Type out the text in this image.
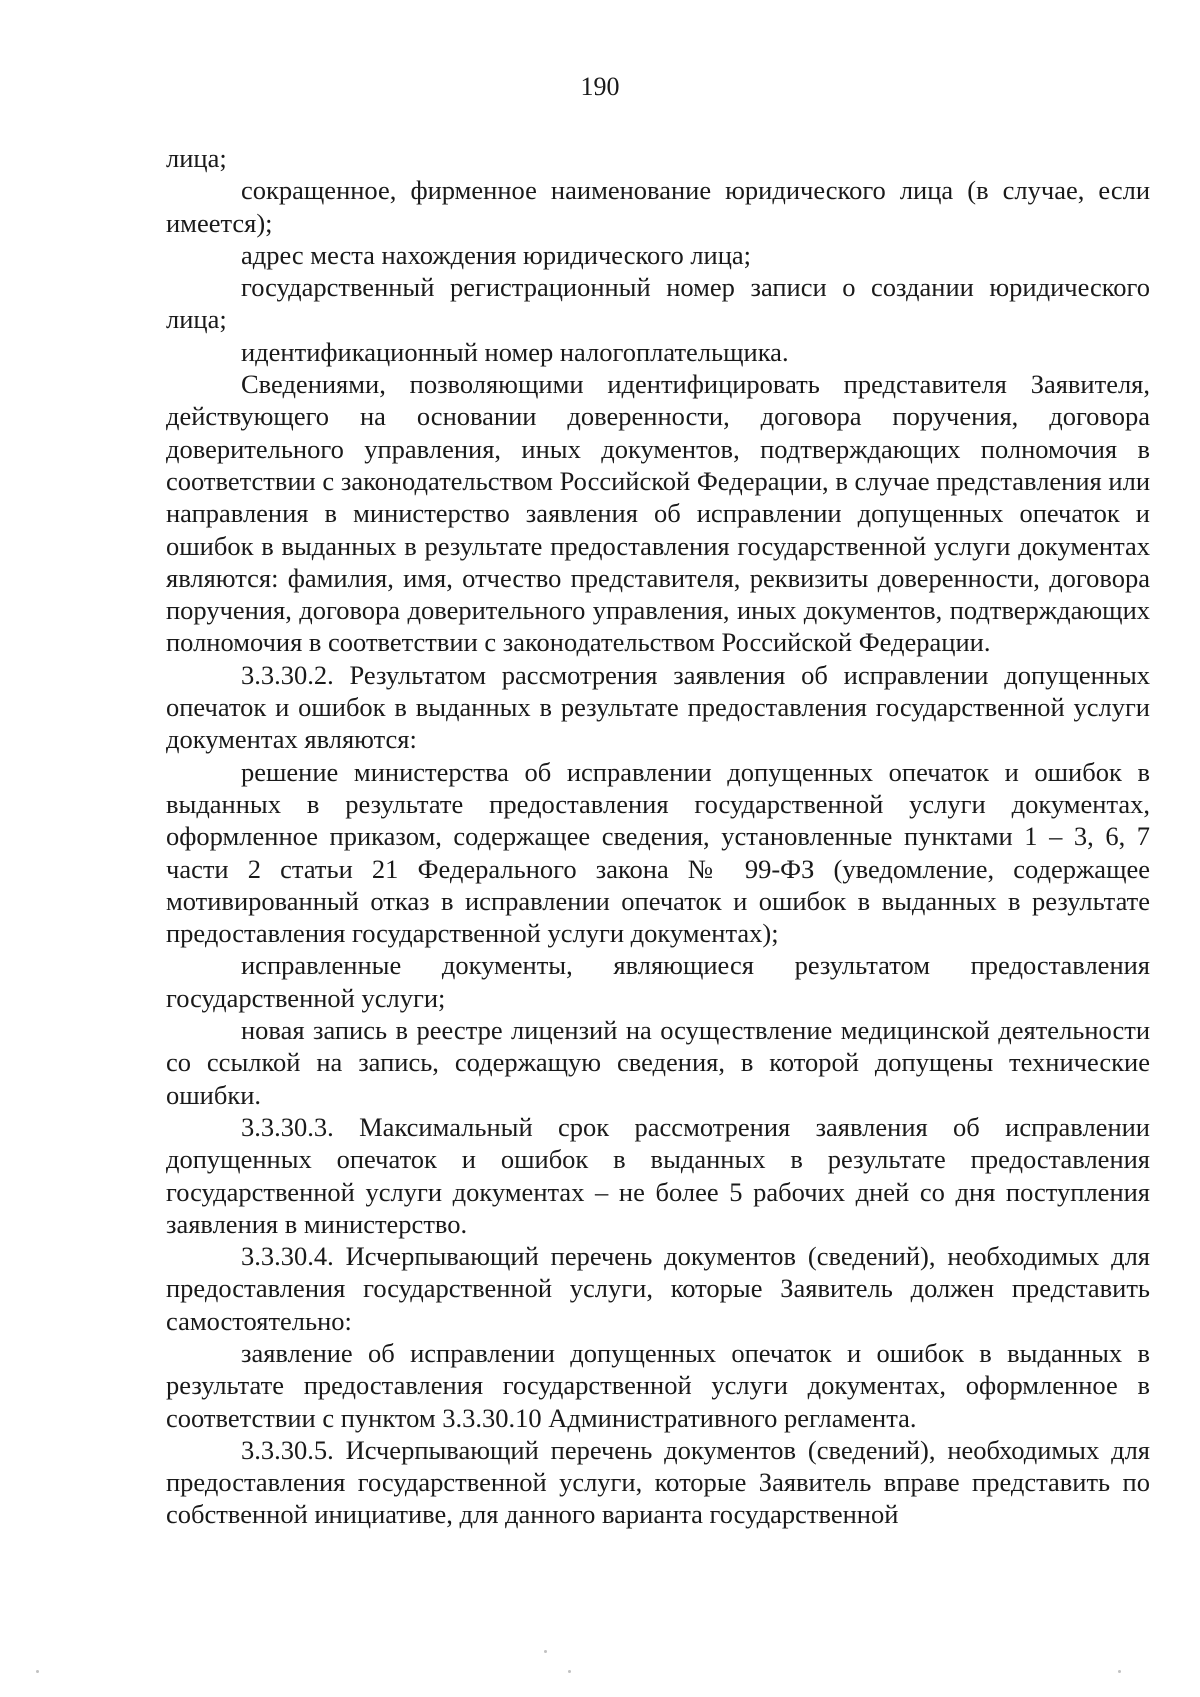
190

лица;

сокращенное, фирменное наименование юридического лица (в случае, если имеется);

адрес места нахождения юридического лица;

государственный регистрационный номер записи о создании юридического лица;

идентификационный номер налогоплательщика.

Сведениями, позволяющими идентифицировать представителя Заявителя, действующего на основании доверенности, договора поручения, договора доверительного управления, иных документов, подтверждающих полномочия в соответствии с законодательством Российской Федерации, в случае представления или направления в министерство заявления об исправлении допущенных опечаток и ошибок в выданных в результате предоставления государственной услуги документах являются: фамилия, имя, отчество представителя, реквизиты доверенности, договора поручения, договора доверительного управления, иных документов, подтверждающих полномочия в соответствии с законодательством Российской Федерации.

3.3.30.2. Результатом рассмотрения заявления об исправлении допущенных опечаток и ошибок в выданных в результате предоставления государственной услуги документах являются:

решение министерства об исправлении допущенных опечаток и ошибок в выданных в результате предоставления государственной услуги документах, оформленное приказом, содержащее сведения, установленные пунктами 1 – 3, 6, 7 части 2 статьи 21 Федерального закона № 99-ФЗ (уведомление, содержащее мотивированный отказ в исправлении опечаток и ошибок в выданных в результате предоставления государственной услуги документах);

исправленные документы, являющиеся результатом предоставления государственной услуги;

новая запись в реестре лицензий на осуществление медицинской деятельности со ссылкой на запись, содержащую сведения, в которой допущены технические ошибки.

3.3.30.3. Максимальный срок рассмотрения заявления об исправлении допущенных опечаток и ошибок в выданных в результате предоставления государственной услуги документах – не более 5 рабочих дней со дня поступления заявления в министерство.

3.3.30.4. Исчерпывающий перечень документов (сведений), необходимых для предоставления государственной услуги, которые Заявитель должен представить самостоятельно:

заявление об исправлении допущенных опечаток и ошибок в выданных в результате предоставления государственной услуги документах, оформленное в соответствии с пунктом 3.3.30.10 Административного регламента.

3.3.30.5. Исчерпывающий перечень документов (сведений), необходимых для предоставления государственной услуги, которые Заявитель вправе представить по собственной инициативе, для данного варианта государственной
